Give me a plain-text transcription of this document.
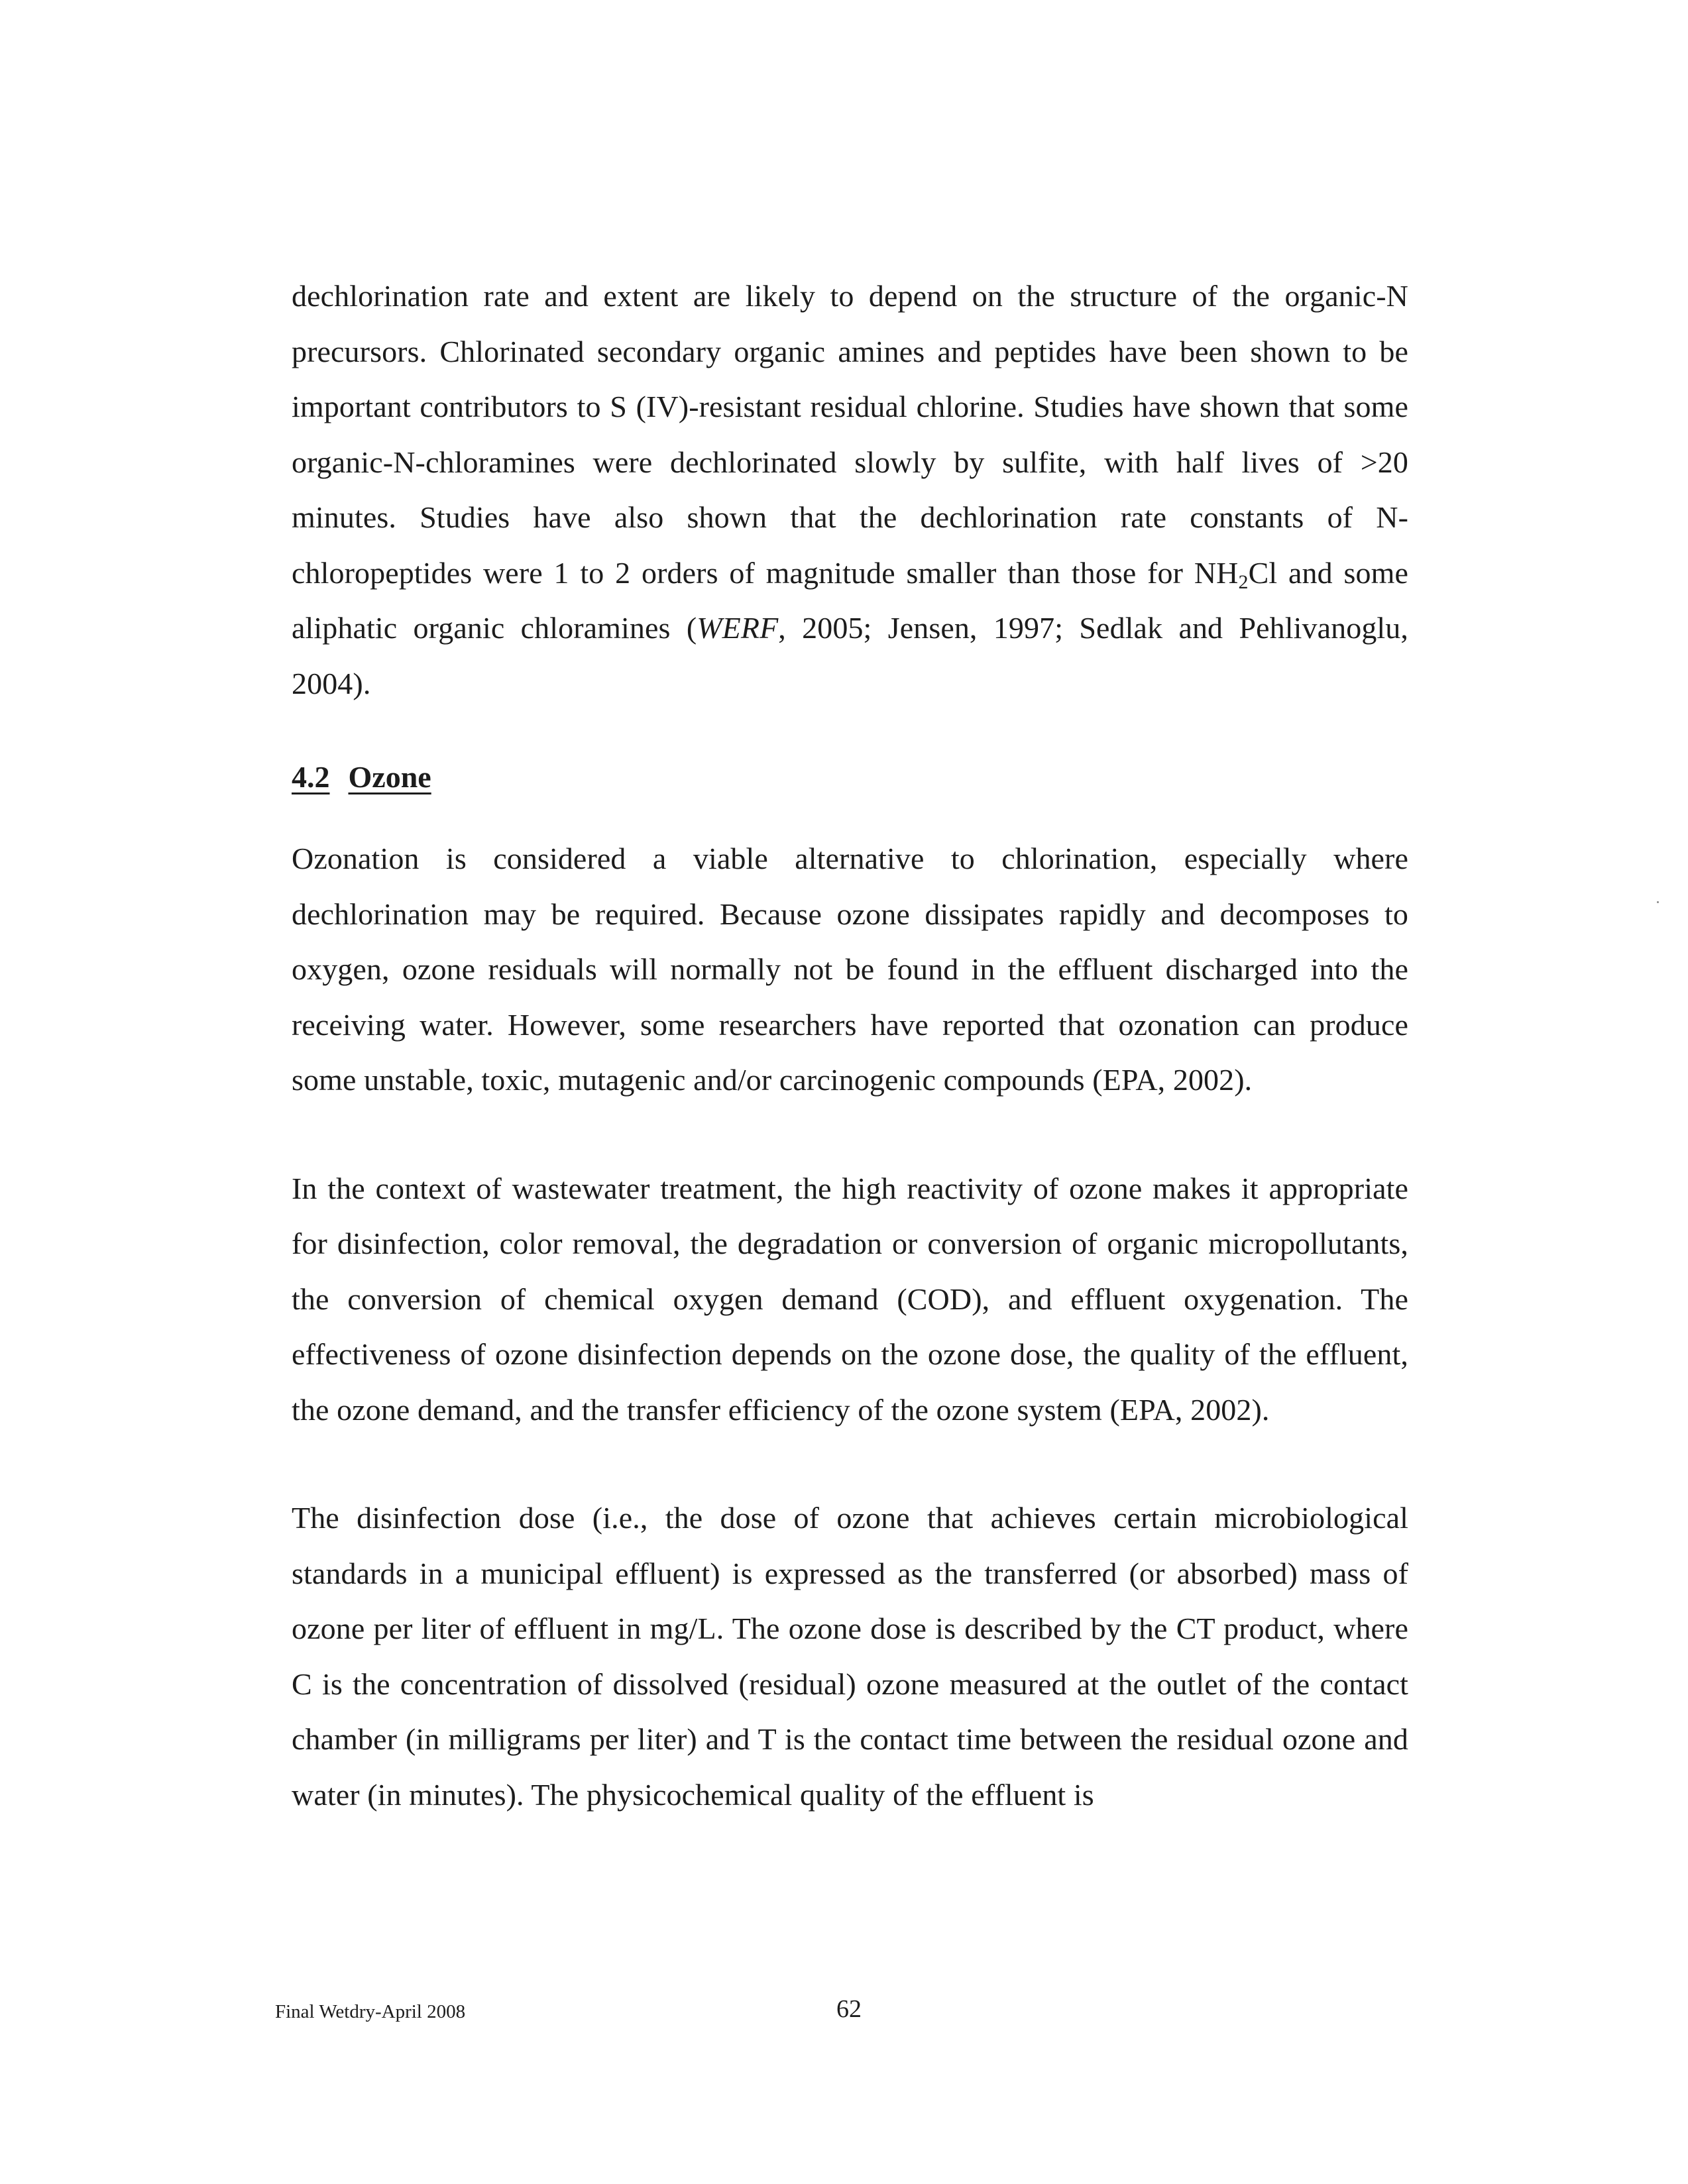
dechlorination rate and extent are likely to depend on the structure of the organic-N precursors. Chlorinated secondary organic amines and peptides have been shown to be important contributors to S (IV)-resistant residual chlorine. Studies have shown that some organic-N-chloramines were dechlorinated slowly by sulfite, with half lives of >20 minutes. Studies have also shown that the dechlorination rate constants of N-chloropeptides were 1 to 2 orders of magnitude smaller than those for $NH_2Cl$ and some aliphatic organic chloramines (WERF, 2005; Jensen, 1997; Sedlak and Pehlivanoglu, 2004).

4.2 Ozone

Ozonation is considered a viable alternative to chlorination, especially where dechlorination may be required. Because ozone dissipates rapidly and decomposes to oxygen, ozone residuals will normally not be found in the effluent discharged into the receiving water. However, some researchers have reported that ozonation can produce some unstable, toxic, mutagenic and/or carcinogenic compounds (EPA, 2002).

In the context of wastewater treatment, the high reactivity of ozone makes it appropriate for disinfection, color removal, the degradation or conversion of organic micropollutants, the conversion of chemical oxygen demand (COD), and effluent oxygenation. The effectiveness of ozone disinfection depends on the ozone dose, the quality of the effluent, the ozone demand, and the transfer efficiency of the ozone system (EPA, 2002).

The disinfection dose (i.e., the dose of ozone that achieves certain microbiological standards in a municipal effluent) is expressed as the transferred (or absorbed) mass of ozone per liter of effluent in mg/L. The ozone dose is described by the CT product, where C is the concentration of dissolved (residual) ozone measured at the outlet of the contact chamber (in milligrams per liter) and T is the contact time between the residual ozone and water (in minutes). The physicochemical quality of the effluent is

Final Wetdry-April 2008	62
